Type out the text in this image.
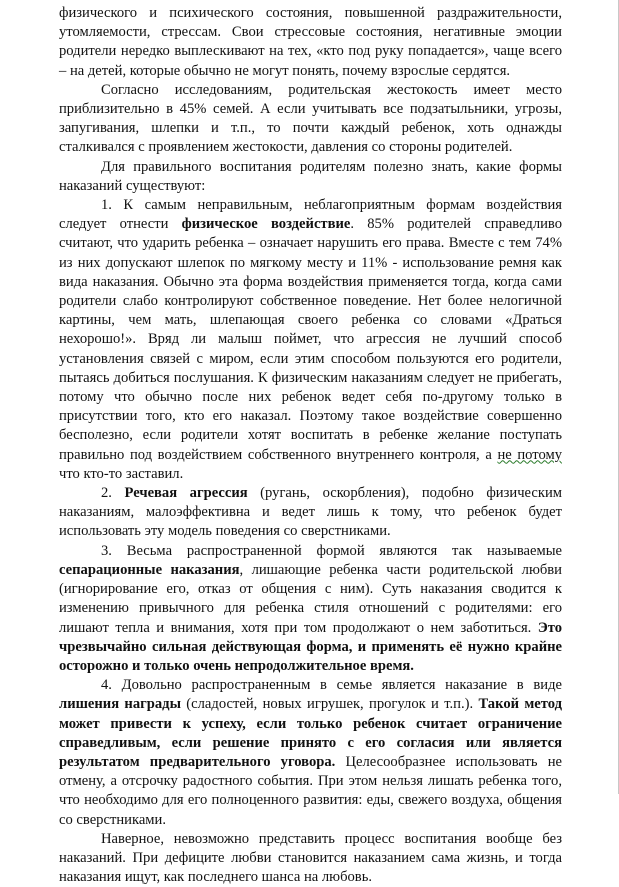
физического и психического состояния, повышенной раздражительности, утомляемости, стрессам. Свои стрессовые состояния, негативные эмоции родители нередко выплескивают на тех, «кто под руку попадается», чаще всего – на детей, которые обычно не могут понять, почему взрослые сердятся.

Согласно исследованиям, родительская жестокость имеет место приблизительно в 45% семей. А если учитывать все подзатыльники, угрозы, запугивания, шлепки и т.п., то почти каждый ребенок, хоть однажды сталкивался с проявлением жестокости, давления со стороны родителей.

Для правильного воспитания родителям полезно знать, какие формы наказаний существуют:

1. К самым неправильным, неблагоприятным формам воздействия следует отнести физическое воздействие. 85% родителей справедливо считают, что ударить ребенка – означает нарушить его права. Вместе с тем 74% из них допускают шлепок по мягкому месту и 11% - использование ремня как вида наказания. Обычно эта форма воздействия применяется тогда, когда сами родители слабо контролируют собственное поведение. Нет более нелогичной картины, чем мать, шлепающая своего ребенка со словами «Драться нехорошо!». Вряд ли малыш поймет, что агрессия не лучший способ установления связей с миром, если этим способом пользуются его родители, пытаясь добиться послушания. К физическим наказаниям следует не прибегать, потому что обычно после них ребенок ведет себя по-другому только в присутствии того, кто его наказал. Поэтому такое воздействие совершенно бесполезно, если родители хотят воспитать в ребенке желание поступать правильно под воздействием собственного внутреннего контроля, а не потому что кто-то заставил.

2. Речевая агрессия (ругань, оскорбления), подобно физическим наказаниям, малоэффективна и ведет лишь к тому, что ребенок будет использовать эту модель поведения со сверстниками.

3. Весьма распространенной формой являются так называемые сепарационные наказания, лишающие ребенка части родительской любви (игнорирование его, отказ от общения с ним). Суть наказания сводится к изменению привычного для ребенка стиля отношений с родителями: его лишают тепла и внимания, хотя при том продолжают о нем заботиться. Это чрезвычайно сильная действующая форма, и применять её нужно крайне осторожно и только очень непродолжительное время.

4. Довольно распространенным в семье является наказание в виде лишения награды (сладостей, новых игрушек, прогулок и т.п.). Такой метод может привести к успеху, если только ребенок считает ограничение справедливым, если решение принято с его согласия или является результатом предварительного уговора. Целесообразнее использовать не отмену, а отсрочку радостного события. При этом нельзя лишать ребенка того, что необходимо для его полноценного развития: еды, свежего воздуха, общения со сверстниками.

Наверное, невозможно представить процесс воспитания вообще без наказаний. При дефиците любви становится наказанием сама жизнь, и тогда наказания ищут, как последнего шанса на любовь.
